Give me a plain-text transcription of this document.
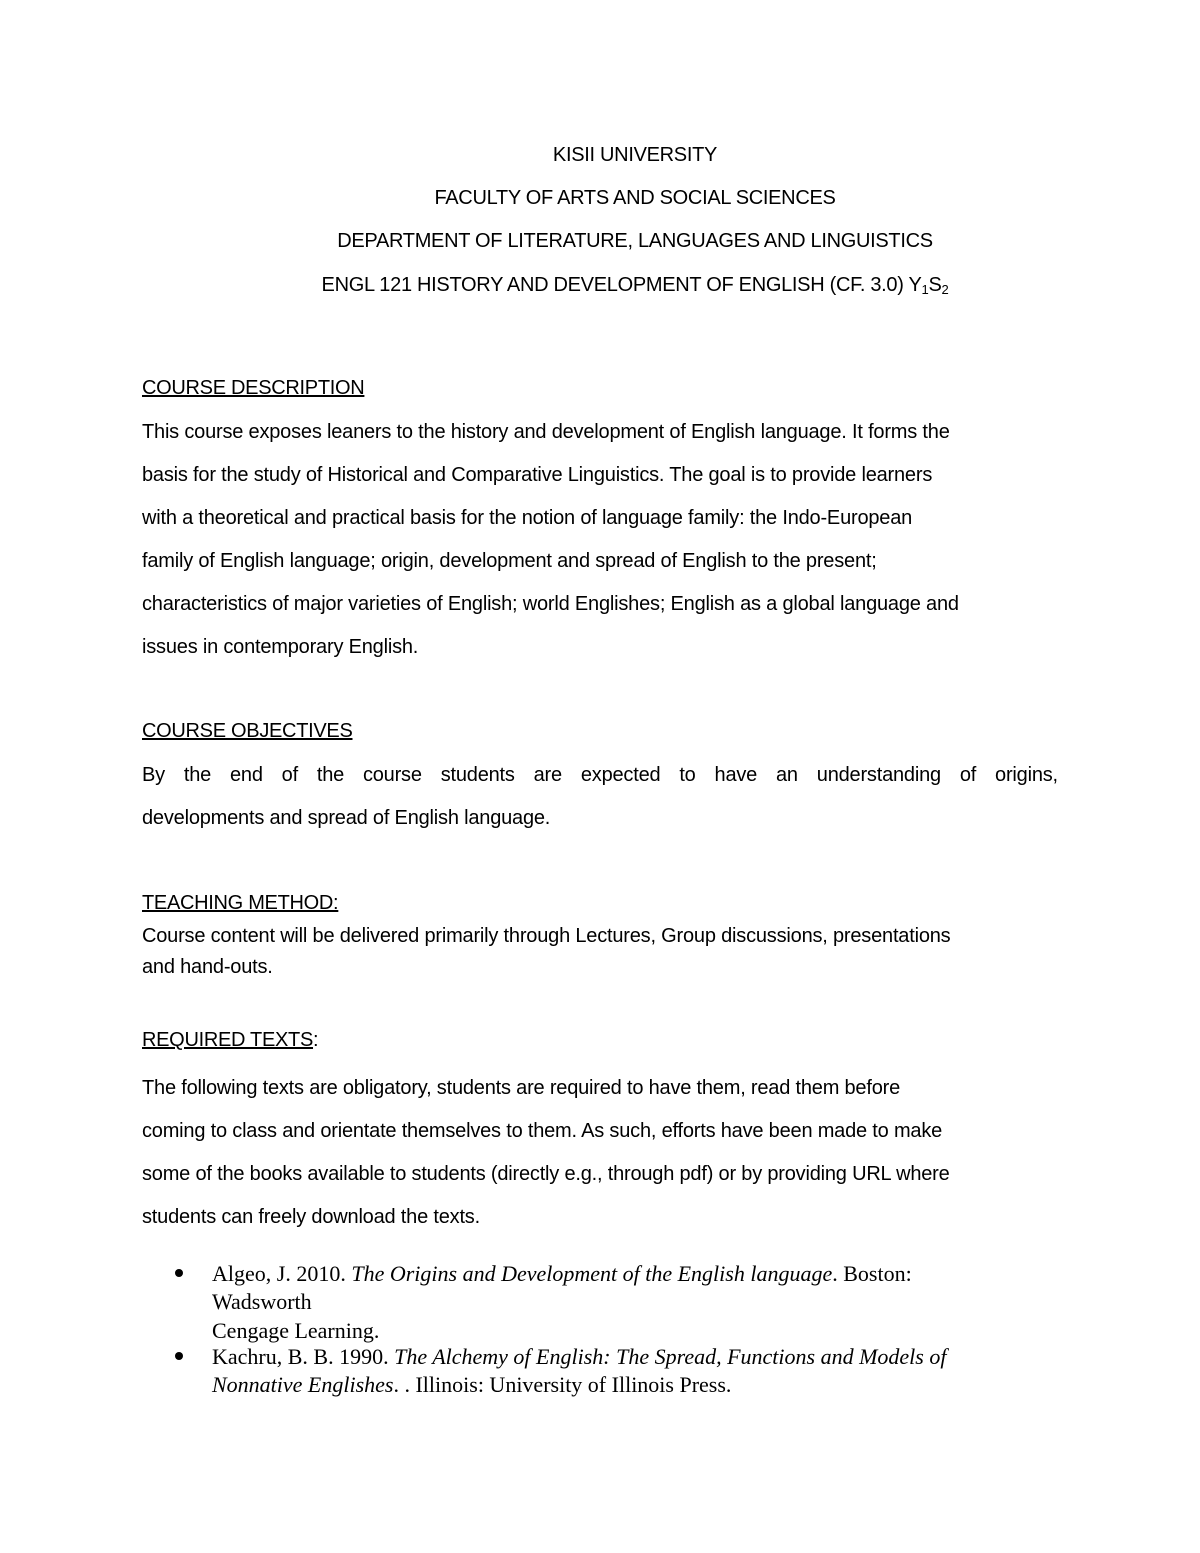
KISII UNIVERSITY
FACULTY OF ARTS AND SOCIAL SCIENCES
DEPARTMENT OF LITERATURE, LANGUAGES AND LINGUISTICS
ENGL 121 HISTORY AND DEVELOPMENT OF ENGLISH (CF. 3.0) $Y_1S_2$
COURSE DESCRIPTION
This course exposes leaners to the history and development of English language. It forms the
basis for the study of Historical and Comparative Linguistics. The goal is to provide learners
with a theoretical and practical basis for the notion of language family: the Indo-European
family of English language; origin, development and spread of English to the present;
characteristics of major varieties of English; world Englishes; English as a global language and
issues in contemporary English.
COURSE OBJECTIVES
By the end of the course students are expected to have an understanding of origins,
developments and spread of English language.
TEACHING METHOD:
Course content will be delivered primarily through Lectures, Group discussions, presentations
and hand-outs.
REQUIRED TEXTS:
The following texts are obligatory, students are required to have them, read them before
coming to class and orientate themselves to them. As such, efforts have been made to make
some of the books available to students (directly e.g., through pdf) or by providing URL where
students can freely download the texts.
Algeo, J. 2010. The Origins and Development of the English language. Boston:
Wadsworth
Cengage Learning.
Kachru, B. B. 1990. The Alchemy of English: The Spread, Functions and Models of
Nonnative Englishes. . Illinois: University of Illinois Press.
